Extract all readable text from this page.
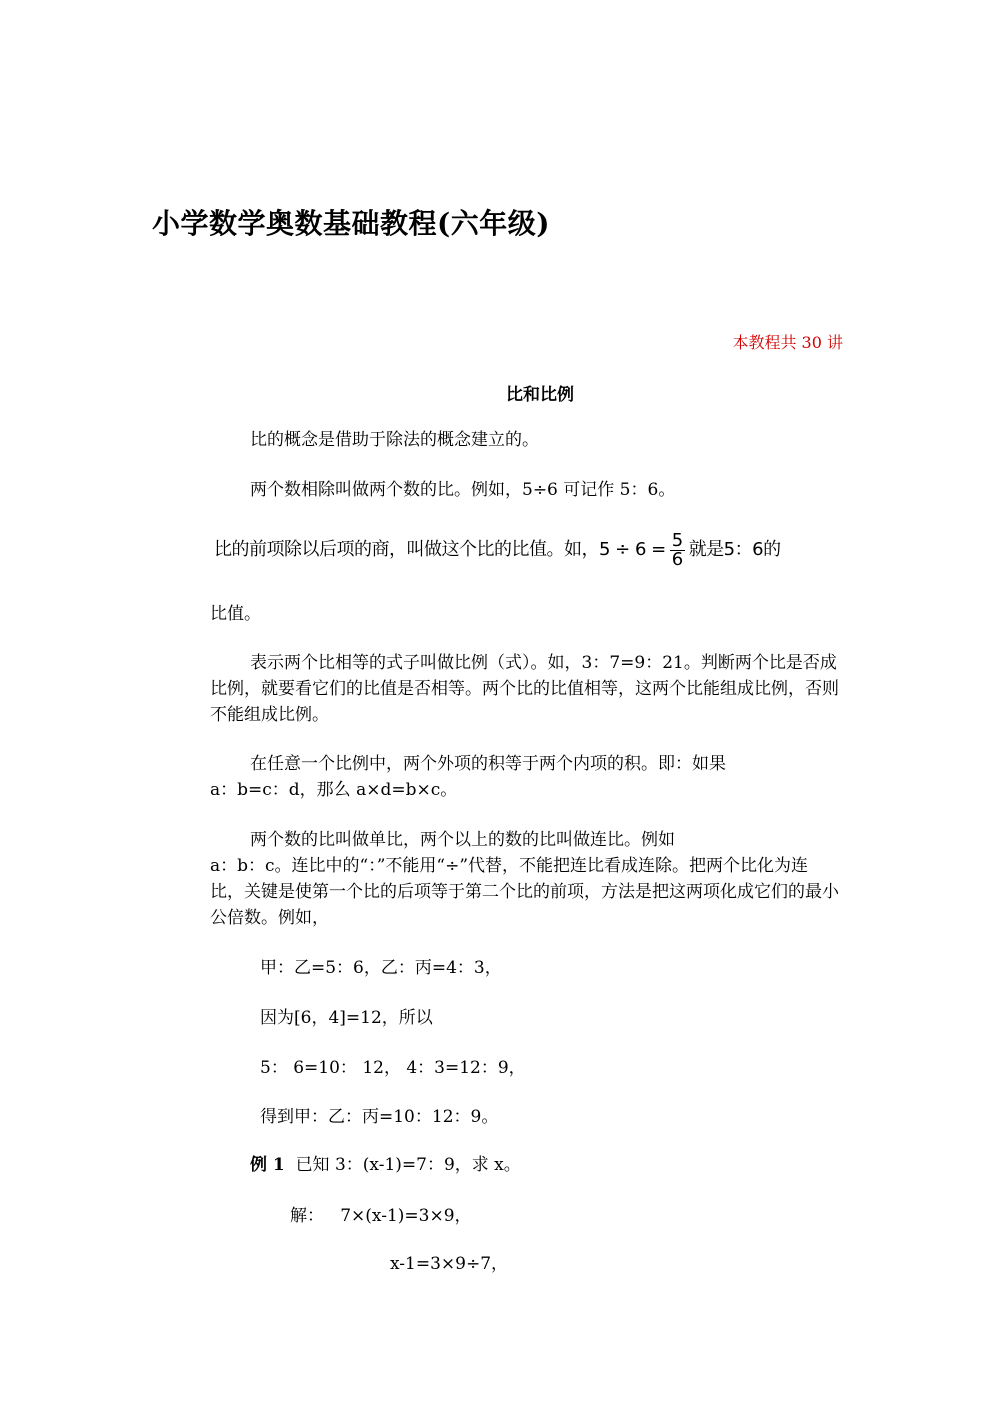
小学数学奥数基础教程(六年级)
本教程共 30 讲
比和比例
比的概念是借助于除法的概念建立的。
两个数相除叫做两个数的比。例如，5÷6 可记作 5：6。
比的前项除以后项的商，叫做这个比的比值。如，$5 \div 6 = \frac{5}{6}$ 就是5：6的
比值。
表示两个比相等的式子叫做比例（式）。如，3：7=9：21。判断两个比是否成比例，就要看它们的比值是否相等。两个比的比值相等，这两个比能组成比例，否则不能组成比例。
在任意一个比例中，两个外项的积等于两个内项的积。即：如果
a：b=c：d，那么 a×d=b×c。
两个数的比叫做单比，两个以上的数的比叫做连比。例如
a：b：c。连比中的“：”不能用“÷”代替，不能把连比看成连除。把两个比化为连比，关键是使第一个比的后项等于第二个比的前项，方法是把这两项化成它们的最小公倍数。例如，
甲：乙=5：6，乙：丙=4：3，
因为[6，4]=12，所以
5： 6=10： 12， 4：3=12：9，
得到甲：乙：丙=10：12：9。
例 1 已知 3：(x-1)=7：9，求 x。
解： 7×(x-1)=3×9，
x-1=3×9÷7，
